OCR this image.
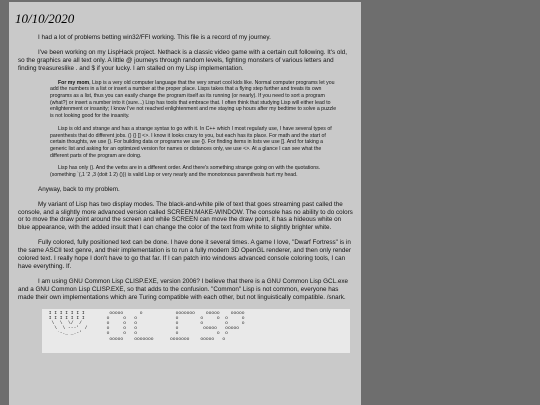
10/10/2020

I had a lot of problems betting win32/FFI working. This file is a record of my journey.

I've been working on my LispHack project. Nethack is a classic video game with a certain cult following. It's old, so the graphics are all text only. A little @ journeys through random levels, fighting monsters of various letters and finding treasureslike . and $ if your lucky. I am stalled on my Lisp implementation.

For my mom, Lisp is a very old computer language that the very smart cool kids like. Normal computer programs let you add the numbers in a list or insert a number at the proper place. Lisps takes that a flying step further and treats its own programs as a list, thus you can easily change the program itself as its running (or nearly). If you need to sort a program (what?) or insert a number into it (sure...) Lisp has tools that embrace that. I often think that studying Lisp will either lead to enlightenment or insanity; I know I've not reached enlightenment and me staying up hours after my bedtime to solve a puzzle is not looking good for the insanity.

Lisp is old and strange and has a strange syntax to go with it. In C++ which I most regularly use, I have several types of parenthesis that do different jobs. () {} [] <>. I know it looks crazy to you, but each has its place. For math and the start of certain thoughts, we use (). For building data or programs we use {}. For finding items in lists we use []. And for taking a generic list and asking for an optimized version for names or distances only, we use <>. At a glance I can see what the different parts of the program are doing.

Lisp has only (). And the verbs are in a different order. And there's something strange going on with the quotations. (something `(,1 '2 ,3 (doit 1 2) ())) is valid Lisp or very nearly and the monotonous parenthesis hurt my head.

Anyway, back to my problem.

My variant of Lisp has two display modes. The black-and-white pile of text that goes streaming past called the console, and a slightly more advanced version called SCREEN:MAKE-WINDOW. The console has no ability to do colors or to move the draw point around the screen and while SCREEN can move the draw point, it has a hideous white on blue appearance, with the added insult that I can change the color of the text from white to slightly brighter white.

Fully colored, fully positioned text can be done. I have done it several times. A game I love, "Dwarf Fortress" is in the same ASCII text genre, and their implementation is to run a fully modern 3D OpenGL renderer, and then only render colored text. I really hope I don't have to go that far. If I can patch into windows advanced console coloring tools, I can have everything. If.

I am using GNU Common Lisp CLISP.EXE, version 2006? I believe that there is a GNU Common Lisp GCL.exe and a GNU Common Lisp CLISP.EXE, so that adds to the confusion. "Common" Lisp is not common, everyone has made their own implementations which are Turing compatible with each other, but not linguistically compatible. /snark.

I I I I I I I         ooooo      o            ooooooo    ooooo    ooooo
I I I I I I I        o     o   o              o        o     o  o     o
\  \  \/  /         o     o   o              o        o        o     o
\  \ ---'  /       o     o   o              o         ooooo   ooooo
`-._ _.-'         o     o   o              o              o  o
ooooo    ooooooo      ooooooo    ooooo   o
